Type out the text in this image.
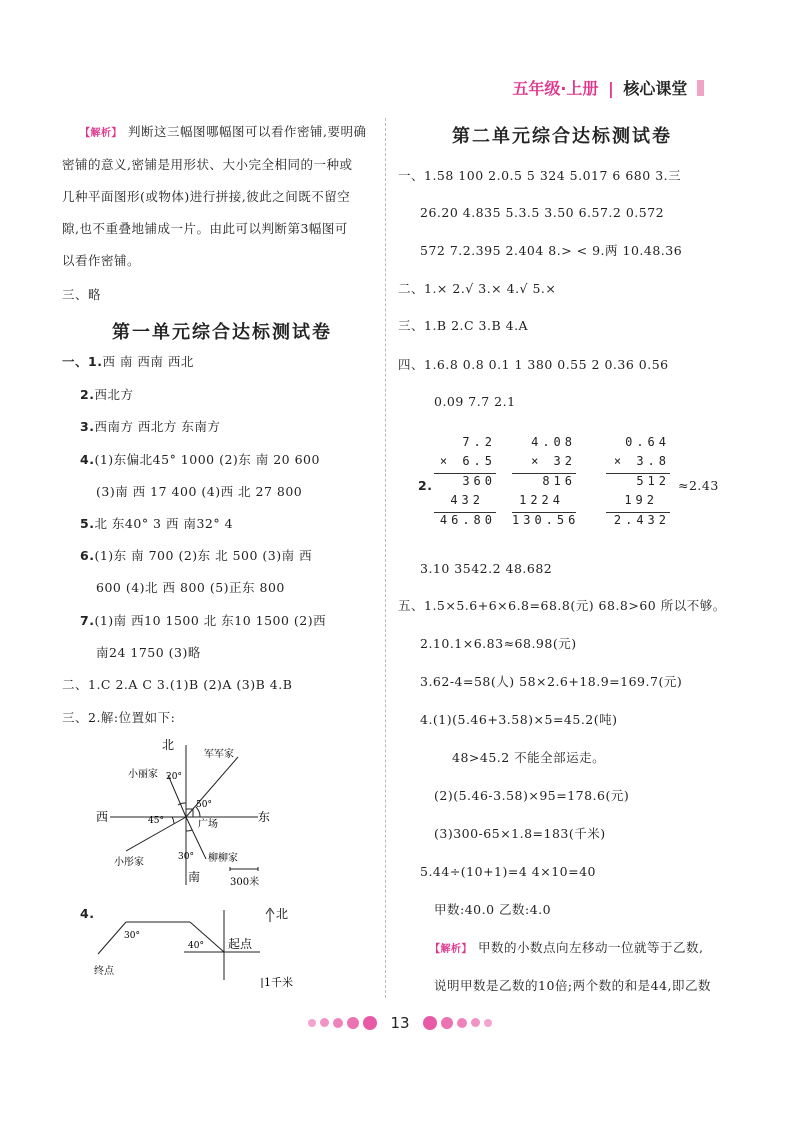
五年级·上册 | 核心课堂
【解析】 判断这三幅图哪幅图可以看作密铺,要明确
密铺的意义,密铺是用形状、大小完全相同的一种或
几种平面图形(或物体)进行拼接,彼此之间既不留空
隙,也不重叠地铺成一片。由此可以判断第3幅图可
以看作密铺。
三、略
第一单元综合达标测试卷
一、1.西 南 西南 西北
2.西北方
3.西南方 西北方 东南方
4.(1)东偏北45° 1000 (2)东 南 20 600
(3)南 西 17 400 (4)西 北 27 800
5.北 东40° 3 西 南32° 4
6.(1)东 南 700 (2)东 北 500 (3)南 西
600 (4)北 西 800 (5)正东 800
7.(1)南 西10 1500 北 东10 1500 (2)西
南24 1750 (3)略
二、1.C 2.A C 3.(1)B (2)A (3)B 4.B
三、2.解:位置如下:
北
南
东
西
军军家
小丽家
小彤家	柳柳家
广场
20°
50°
45°
30°
300米
4.	北
起点
终点
30°
40°
1千米
第二单元综合达标测试卷
一、1.58 100 2.0.5 5 324 5.017 6 680 3.三
26.20 4.835 5.3.5 3.50 6.57.2 0.572
572 7.2.395 2.404 8.> < 9.两 10.48.36
二、1.× 2.√ 3.× 4.√ 5.×
三、1.B 2.C 3.B 4.A
四、1.6.8 0.8 0.1 1 380 0.55 2 0.36 0.56
0.09 7.7 2.1
2.
7.2
× 6.5
360
432
46.80
4.08
× 32
816
1224
130.56
0.64
× 3.8
512
192
2.432
≈2.43
3.10 3542.2 48.682
五、1.5×5.6+6×6.8=68.8(元) 68.8>60 所以不够。
2.10.1×6.83≈68.98(元)
3.62-4=58(人) 58×2.6+18.9=169.7(元)
4.(1)(5.46+3.58)×5=45.2(吨)
48>45.2 不能全部运走。
(2)(5.46-3.58)×95=178.6(元)
(3)300-65×1.8=183(千米)
5.44÷(10+1)=4 4×10=40
甲数:40.0 乙数:4.0
【解析】 甲数的小数点向左移动一位就等于乙数,
说明甲数是乙数的10倍;两个数的和是44,即乙数
13
